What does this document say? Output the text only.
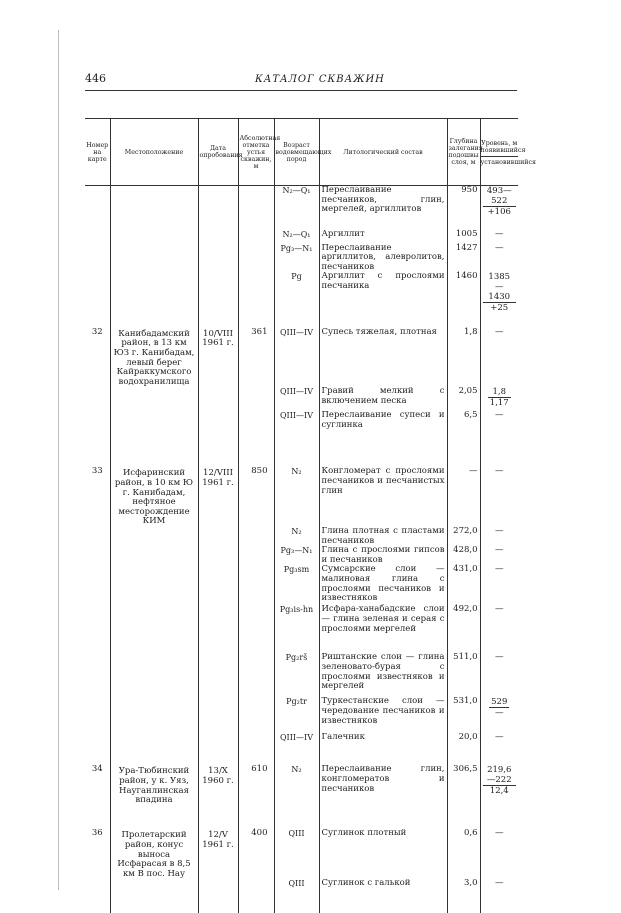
446	КАТАЛОГ СКВАЖИН
Номер на карте	Местоположение	Дата опробования	Абсолютная отметка устья скважин, м	Возраст водовмещающих пород	Литологический состав	Глубина залегания подошвы слоя, м	Уровень, м
появившийся
установившийся

				N₂—Q₁	Переслаивание песчаников, глин, мергелей, аргиллитов	950	$\frac{493—522}{+106}$

				N₂—Q₁	Аргиллит	1005	—
				Pg₃—N₁	Переслаивание аргиллитов, алевролитов, песчаников	1427	—
				Pg	Аргиллит с прослоями песчаника	1460	$\frac{1385—1430}{+25}$

32	Канибадамский район, в 13 км ЮЗ г. Канибадам, левый берег Кайраккумского водохранилища	10/VIII 1961 г.	361	QIII—IV	Супесь тяжелая, плотная	1,8	—
				QIII—IV	Гравий мелкий с включением песка	2,05	$\frac{1,8}{1,17}$

				QIII—IV	Переслаивание супеси и суглинка	6,5	—

33	Исфаринский район, в 10 км Ю г. Канибадам, нефтяное месторождение КИМ	12/VIII 1961 г.	850	N₂	Конгломерат с прослоями песчаников и песчанистых глин	—	—
				N₂	Глина плотная с пластами песчаников	272,0	—
				Pg₃—N₁	Глина с прослоями гипсов и песчаников	428,0	—
				Pg₃sm	Сумсарские слои — малиновая глина с прослоями песчаников и известняков	431,0	—
				Pg₃is-hn	Исфара-ханабадские слои — глина зеленая и серая с прослоями мергелей	492,0	—
				Pg₂rš	Риштанские слои — глина зеленовато-бурая с прослоями известняков и мергелей	511,0	—
				Pg₂tr	Туркестанские слои — чередование песчаников и известняков	531,0	$\frac{529}{—}$

				QIII—IV	Галечник	20,0	—

34	Ура-Тюбинский район, у к. Уяз, Науганлинская впадина	13/X 1960 г.	610	N₂	Переслаивание глин, конгломератов и песчаников	306,5	$\frac{219,6—222}{12,4}$

36	Пролетарский район, конус выноса Исфарасая в 8,5 км В пос. Нау	12/V 1961 г.	400	QIII	Суглинок плотный	0,6	—
				QIII	Суглинок с галькой	3,0	—
